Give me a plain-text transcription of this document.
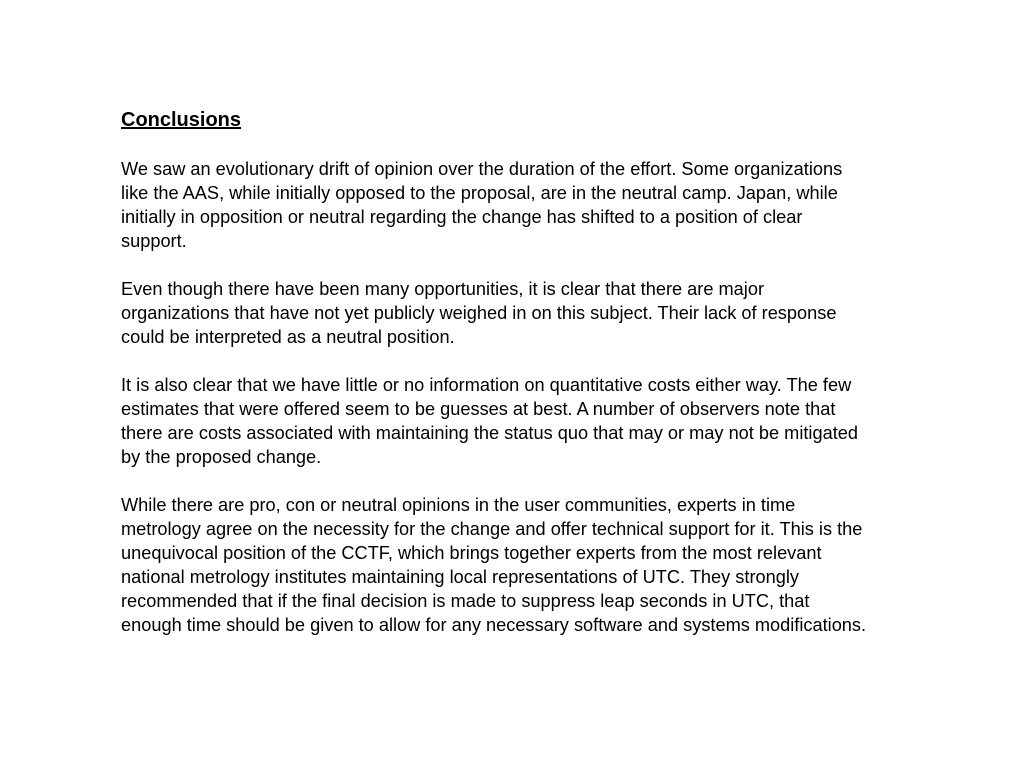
Conclusions

We saw an evolutionary drift of opinion over the duration of the effort. Some organizations
like the AAS, while initially opposed to the proposal, are in the neutral camp. Japan, while
initially in opposition or neutral regarding the change has shifted to a position of clear
support.

Even though there have been many opportunities, it is clear that there are major
organizations that have not yet publicly weighed in on this subject. Their lack of response
could be interpreted as a neutral position.

It is also clear that we have little or no information on quantitative costs either way. The few
estimates that were offered seem to be guesses at best. A number of observers note that
there are costs associated with maintaining the status quo that may or may not be mitigated
by the proposed change.

While there are pro, con or neutral opinions in the user communities, experts in time
metrology agree on the necessity for the change and offer technical support for it. This is the
unequivocal position of the CCTF, which brings together experts from the most relevant
national metrology institutes maintaining local representations of UTC. They strongly
recommended that if the final decision is made to suppress leap seconds in UTC, that
enough time should be given to allow for any necessary software and systems modifications.
